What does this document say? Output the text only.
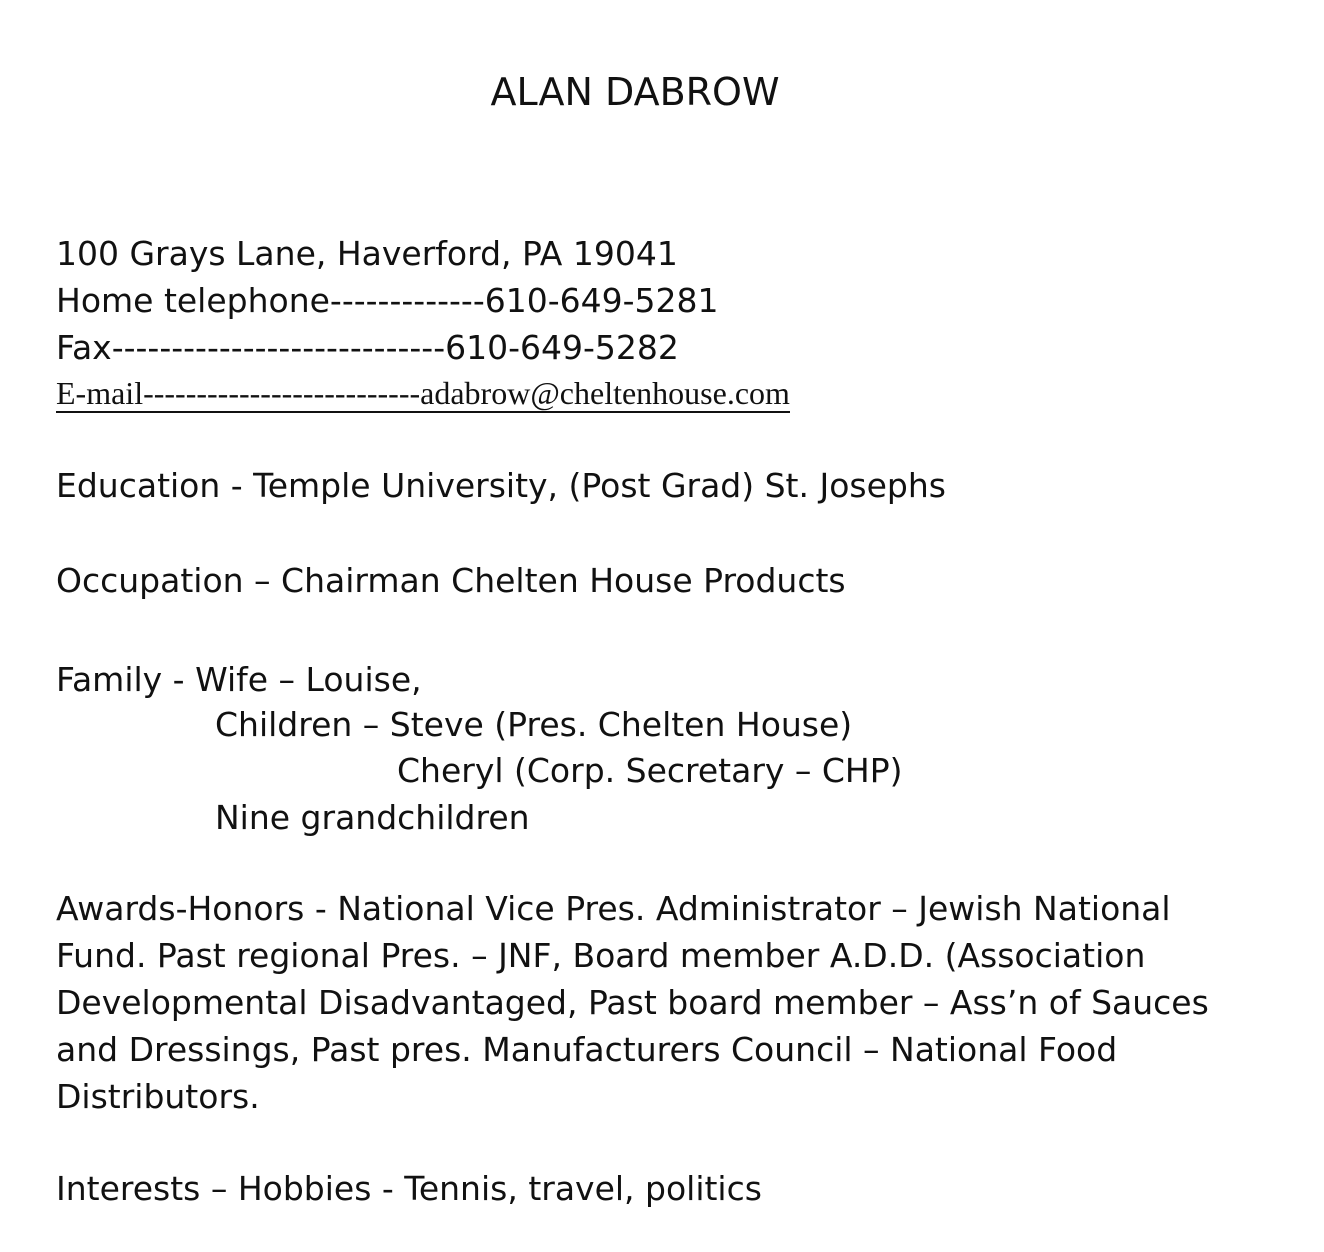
ALAN DABROW
100 Grays Lane, Haverford, PA 19041
Home telephone-------------610-649-5281
Fax----------------------------610-649-5282
E-mail--------------------------adabrow@cheltenhouse.com
Education - Temple University, (Post Grad) St. Josephs
Occupation – Chairman Chelten House Products
Family - Wife – Louise,
Children – Steve (Pres. Chelten House)
Cheryl (Corp. Secretary – CHP)
Nine grandchildren
Awards-Honors - National Vice Pres. Administrator – Jewish National
Fund. Past regional Pres. – JNF, Board member A.D.D. (Association
Developmental Disadvantaged, Past board member – Ass’n of Sauces
and Dressings, Past pres. Manufacturers Council – National Food
Distributors.
Interests – Hobbies - Tennis, travel, politics
